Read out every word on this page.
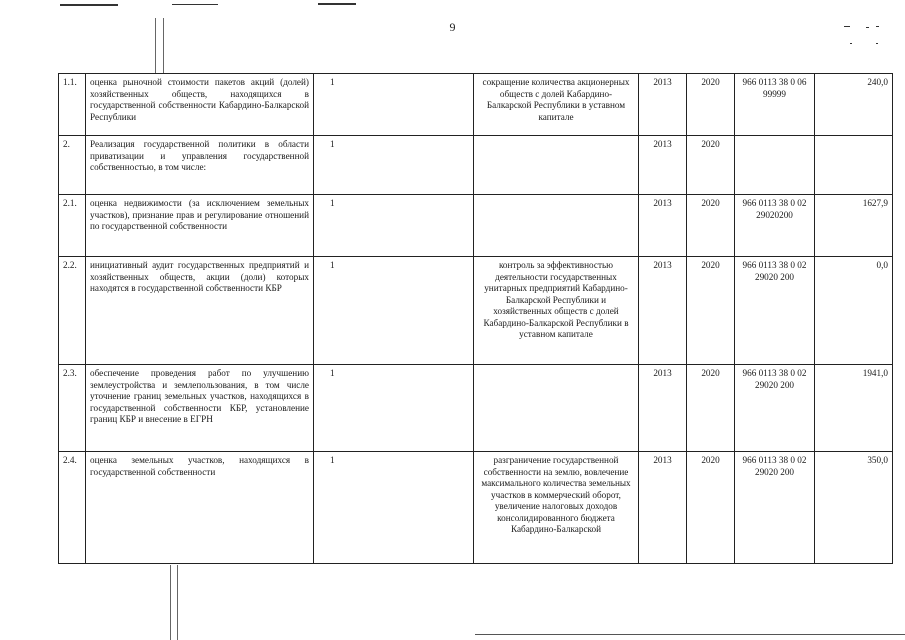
9
1.1.	оценка рыночной стоимости пакетов акций (долей) хозяйственных обществ, находящихся в государственной собственности Кабардино-Балкарской Республики	1	сокращение количества акционерных обществ с долей Кабардино-Балкарской Республики в уставном капитале	2013	2020	966 0113 38 0 06 99999	240,0
2.	Реализация государственной политики в области приватизации и управления государственной собственностью, в том числе:	1		2013	2020		
2.1.	оценка недвижимости (за исключением земельных участков), признание прав и регулирование отношений по государственной собственности	1		2013	2020	966 0113 38 0 02 29020200	1627,9
2.2.	инициативный аудит государственных предприятий и хозяйственных обществ, акции (доли) которых находятся в государственной собственности КБР	1	контроль за эффективностью деятельности государственных унитарных предприятий Кабардино-Балкарской Республики и хозяйственных обществ с долей Кабардино-Балкарской Республики в уставном капитале	2013	2020	966 0113 38 0 02 29020 200	0,0
2.3.	обеспечение проведения работ по улучшению землеустройства и землепользования, в том числе уточнение границ земельных участков, находящихся в государственной собственности КБР, установление границ КБР и внесение в ЕГРН	1		2013	2020	966 0113 38 0 02 29020 200	1941,0
2.4.	оценка земельных участков, находящихся в государственной собственности	1	разграничение государственной собственности на землю, вовлечение максимального количества земельных участков в коммерческий оборот, увеличение налоговых доходов консолидированного бюджета Кабардино-Балкарской	2013	2020	966 0113 38 0 02 29020 200	350,0
